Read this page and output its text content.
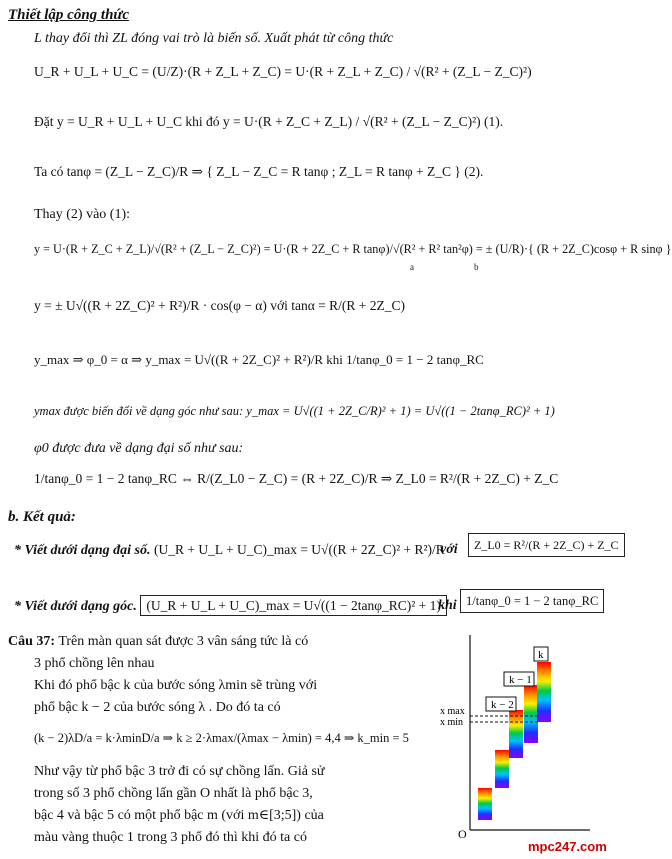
Thiết lập công thức
L thay đổi thì ZL đóng vai trò là biến số. Xuất phát từ công thức
U_R + U_L + U_C = (U/Z)·(R + Z_L + Z_C) = U·(R + Z_L + Z_C) / √(R² + (Z_L − Z_C)²)
Đặt y = U_R + U_L + U_C khi đó y = U·(R + Z_C + Z_L) / √(R² + (Z_L − Z_C)²) (1).
Ta có tanφ = (Z_L − Z_C)/R ⇒ { Z_L − Z_C = R tanφ ; Z_L = R tanφ + Z_C } (2).
Thay (2) vào (1):
y = U·(R + Z_C + Z_L)/√(R² + (Z_L − Z_C)²) = U·(R + 2Z_C + R tanφ)/√(R² + R² tan²φ) = ± (U/R)·{ (R + 2Z_C)cosφ + R sinφ }
a	b
y = ± U√((R + 2Z_C)² + R²)/R · cos(φ − α) với tanα = R/(R + 2Z_C)
y_max ⇒ φ_0 = α ⇒ y_max = U√((R + 2Z_C)² + R²)/R khi 1/tanφ_0 = 1 − 2 tanφ_RC
ymax được biến đổi về dạng góc như sau: y_max = U√((1 + 2Z_C/R)² + 1) = U√((1 − 2tanφ_RC)² + 1)
φ0 được đưa về dạng đại số như sau:
1/tanφ_0 = 1 − 2 tanφ_RC ⇔ R/(Z_L0 − Z_C) = (R + 2Z_C)/R ⇒ Z_L0 = R²/(R + 2Z_C) + Z_C
b. Kết quả:
* Viết dưới dạng đại số. (U_R + U_L + U_C)_max = U√((R + 2Z_C)² + R²)/R
với	Z_L0 = R²/(R + 2Z_C) + Z_C
* Viết dưới dạng góc. (U_R + U_L + U_C)_max = U√((1 − 2tanφ_RC)² + 1)
khi 1/tanφ_0 = 1 − 2 tanφ_RC
Câu 37: Trên màn quan sát được 3 vân sáng tức là có
3 phổ chồng lên nhau
Khi đó phổ bậc k của bước sóng λmin sẽ trùng với
phổ bậc k − 2 của bước sóng λ . Do đó ta có
(k − 2)λD/a = k·λminD/a ⇒ k ≥ 2·λmax/(λmax − λmin) = 4,4 ⇒ k_min = 5
Như vậy từ phổ bậc 3 trở đi có sự chồng lấn. Giả sử
trong số 3 phổ chồng lấn gần O nhất là phổ bậc 3,
bậc 4 và bậc 5 có một phổ bậc m (với m∈[3;5]) của
màu vàng thuộc 1 trong 3 phổ đó thì khi đó ta có	O
x max
x min
k − 2
k − 1
k
mpc247.com
